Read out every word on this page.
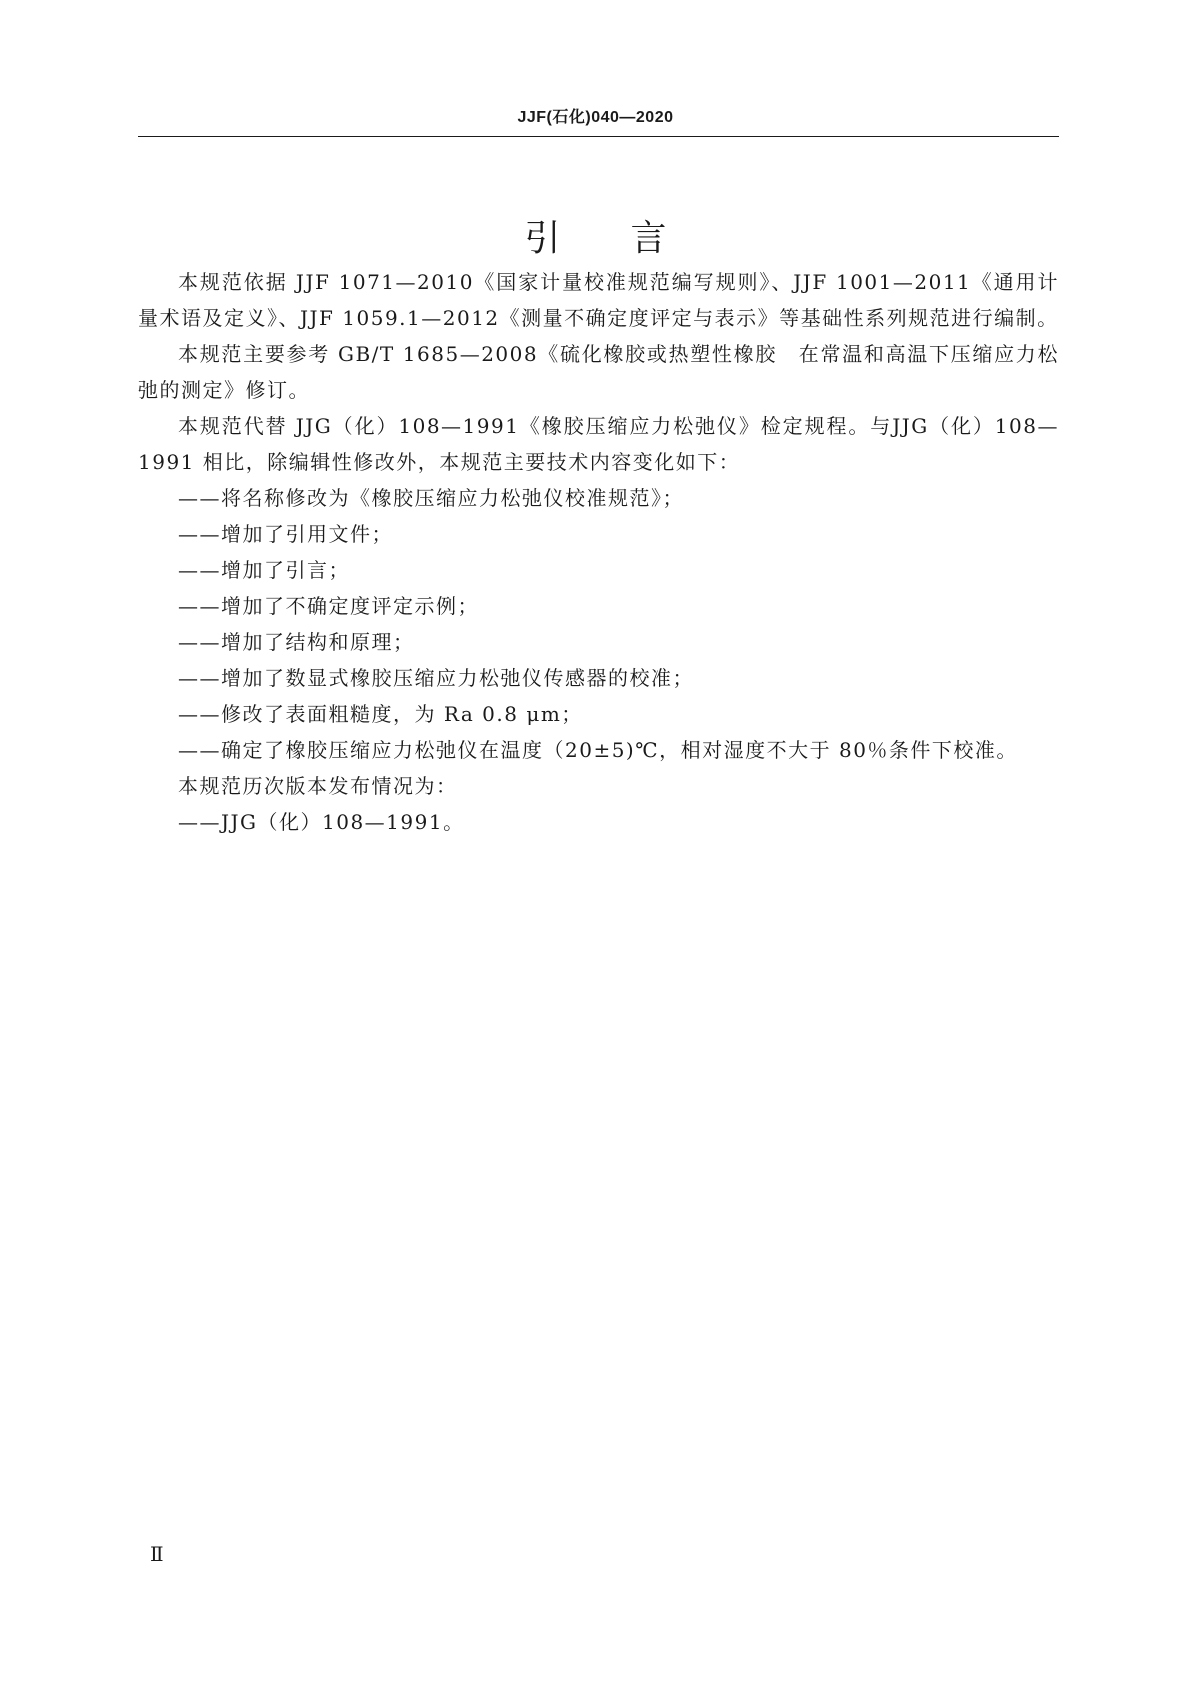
JJF(石化)040—2020
引言

本规范依据 JJF 1071—2010《国家计量校准规范编写规则》、JJF 1001—2011《通用计量术语及定义》、JJF 1059.1—2012《测量不确定度评定与表示》等基础性系列规范进行编制。

本规范主要参考 GB/T 1685—2008《硫化橡胶或热塑性橡胶　在常温和高温下压缩应力松弛的测定》修订。

本规范代替 JJG（化）108—1991《橡胶压缩应力松弛仪》检定规程。与JJG（化）108—1991 相比，除编辑性修改外，本规范主要技术内容变化如下：

——将名称修改为《橡胶压缩应力松弛仪校准规范》；

——增加了引用文件；

——增加了引言；

——增加了不确定度评定示例；

——增加了结构和原理；

——增加了数显式橡胶压缩应力松弛仪传感器的校准；

——修改了表面粗糙度，为 Ra 0.8 μm；

——确定了橡胶压缩应力松弛仪在温度（20±5)℃，相对湿度不大于 80％条件下校准。

本规范历次版本发布情况为：

——JJG（化）108—1991。

Ⅱ
